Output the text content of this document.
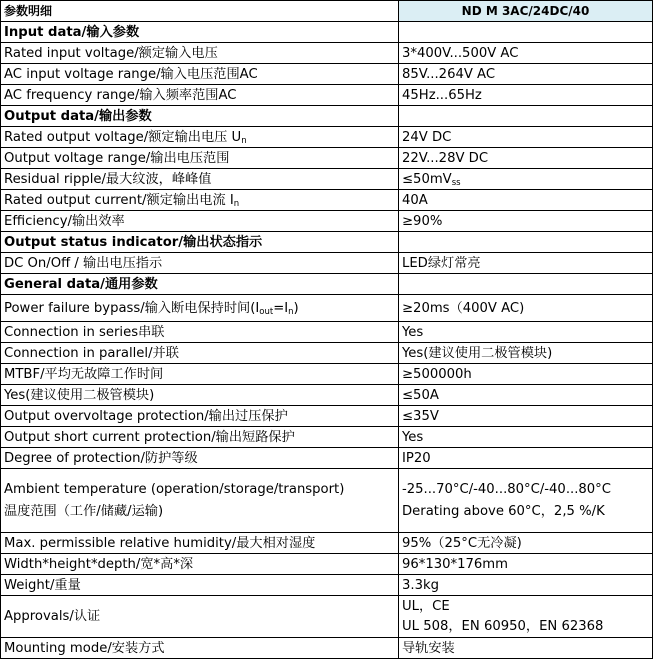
参数明细	ND M 3AC/24DC/40
Input data/输入参数	
Rated input voltage/额定输入电压	3*400V...500V AC
AC input voltage range/输入电压范围AC	85V...264V AC
AC frequency range/输入频率范围AC	45Hz...65Hz
Output data/输出参数	
Rated output voltage/额定输出电压 $U_n$	24V DC
Output voltage range/输出电压范围	22V...28V DC
Residual ripple/最大纹波，峰峰值	$\le 50mV_{ss}$
Rated output current/额定输出电流 $I_n$	40A
Efficiency/输出效率	≥90%
Output status indicator/输出状态指示	
DC On/Off / 输出电压指示	LED绿灯常亮
General data/通用参数	
Power failure bypass/输入断电保持时间$(I_{out}=I_n)$	≥20ms（400V AC)
Connection in series串联	Yes
Connection in parallel/并联	Yes(建议使用二极管模块)
MTBF/平均无故障工作时间	≥500000h
Yes(建议使用二极管模块)	≤50A
Output overvoltage protection/输出过压保护	≤35V
Output short current protection/输出短路保护	Yes
Degree of protection/防护等级	IP20

Ambient temperature (operation/storage/transport)
温度范围（工作/储藏/运输)	-25...70°C/-40...80°C/-40...80°C
Derating above 60°C，2,5 %/K

Max. permissible relative humidity/最大相对湿度	95%（25°C无冷凝)
Width*height*depth/宽*高*深	96*130*176mm
Weight/重量	3.3kg
Approvals/认证	UL，CE
UL 508，EN 60950，EN 62368

Mounting mode/安装方式	导轨安装
